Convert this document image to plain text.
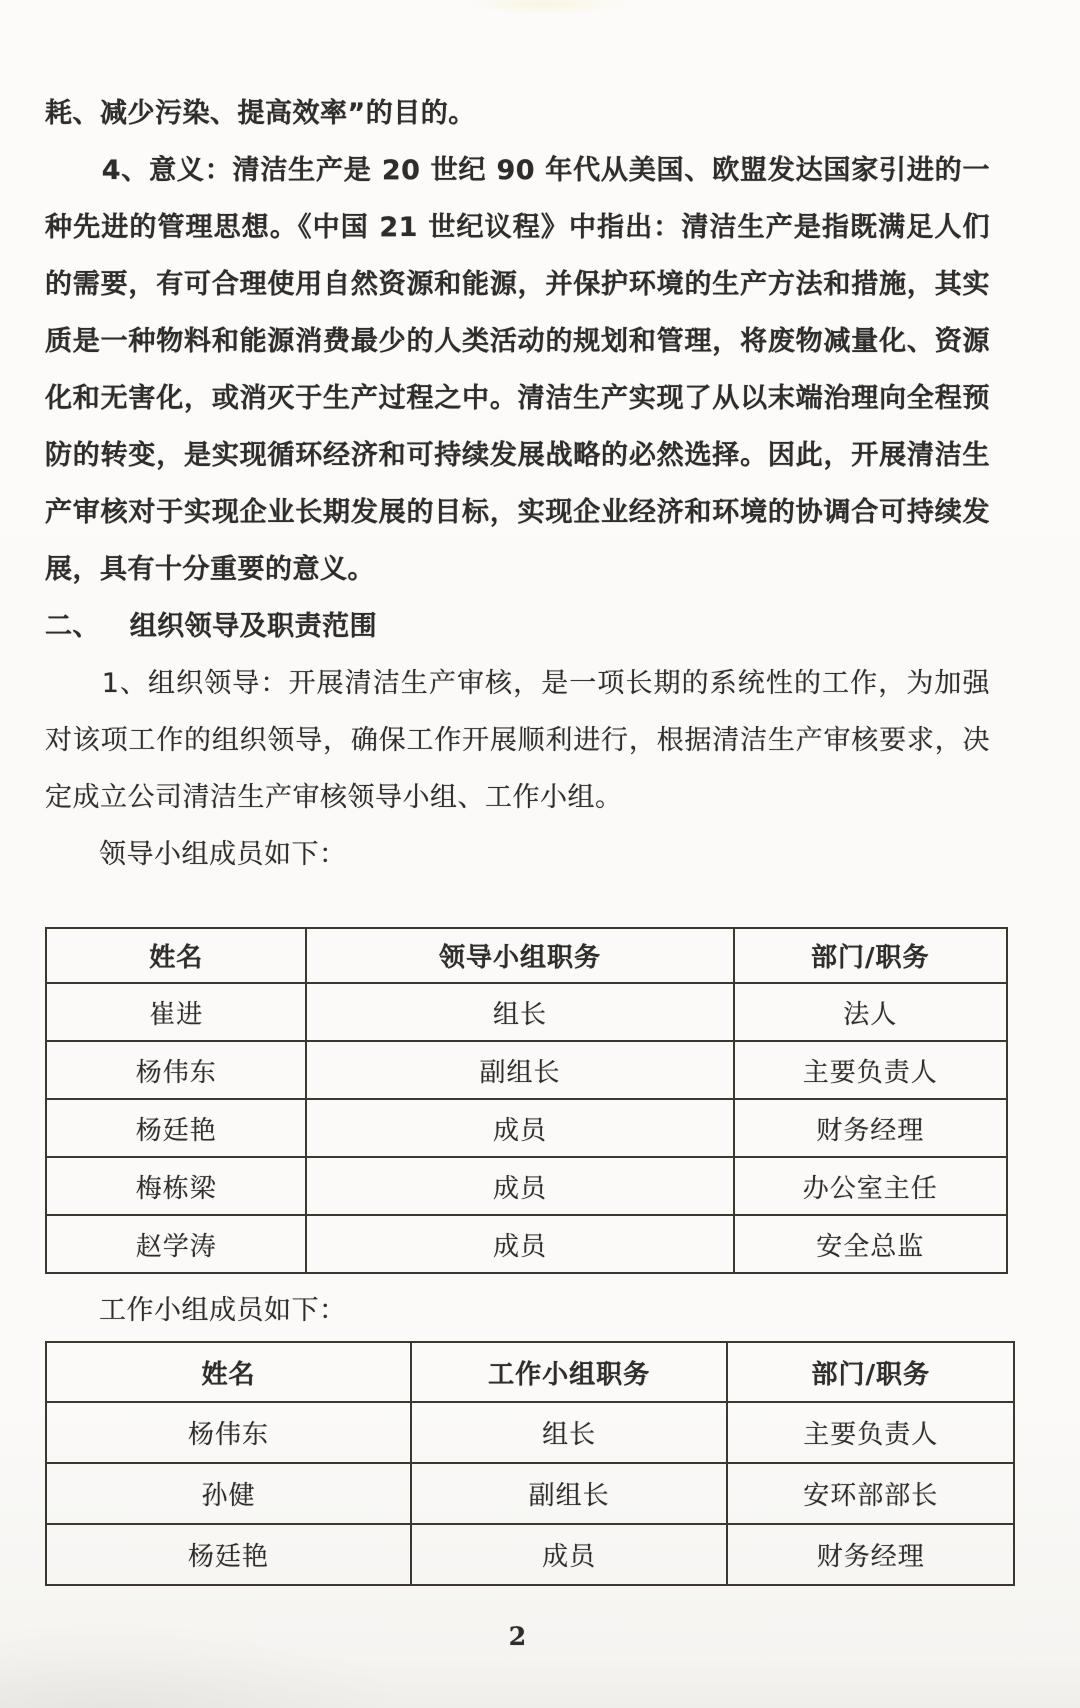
耗、减少污染、提高效率”的目的。

4、意义：清洁生产是 20 世纪 90 年代从美国、欧盟发达国家引进的一种先进的管理思想。《中国 21 世纪议程》中指出：清洁生产是指既满足人们的需要，有可合理使用自然资源和能源，并保护环境的生产方法和措施，其实质是一种物料和能源消费最少的人类活动的规划和管理，将废物减量化、资源化和无害化，或消灭于生产过程之中。清洁生产实现了从以末端治理向全程预防的转变，是实现循环经济和可持续发展战略的必然选择。因此，开展清洁生产审核对于实现企业长期发展的目标，实现企业经济和环境的协调合可持续发展，具有十分重要的意义。

二、 组织领导及职责范围

1、组织领导：开展清洁生产审核，是一项长期的系统性的工作，为加强对该项工作的组织领导，确保工作开展顺利进行，根据清洁生产审核要求，决定成立公司清洁生产审核领导小组、工作小组。

领导小组成员如下：

姓名	领导小组职务	部门/职务
崔进	组长	法人
杨伟东	副组长	主要负责人
杨廷艳	成员	财务经理
梅栋梁	成员	办公室主任
赵学涛	成员	安全总监

工作小组成员如下：

姓名	工作小组职务	部门/职务
杨伟东	组长	主要负责人
孙健	副组长	安环部部长
杨廷艳	成员	财务经理
2
